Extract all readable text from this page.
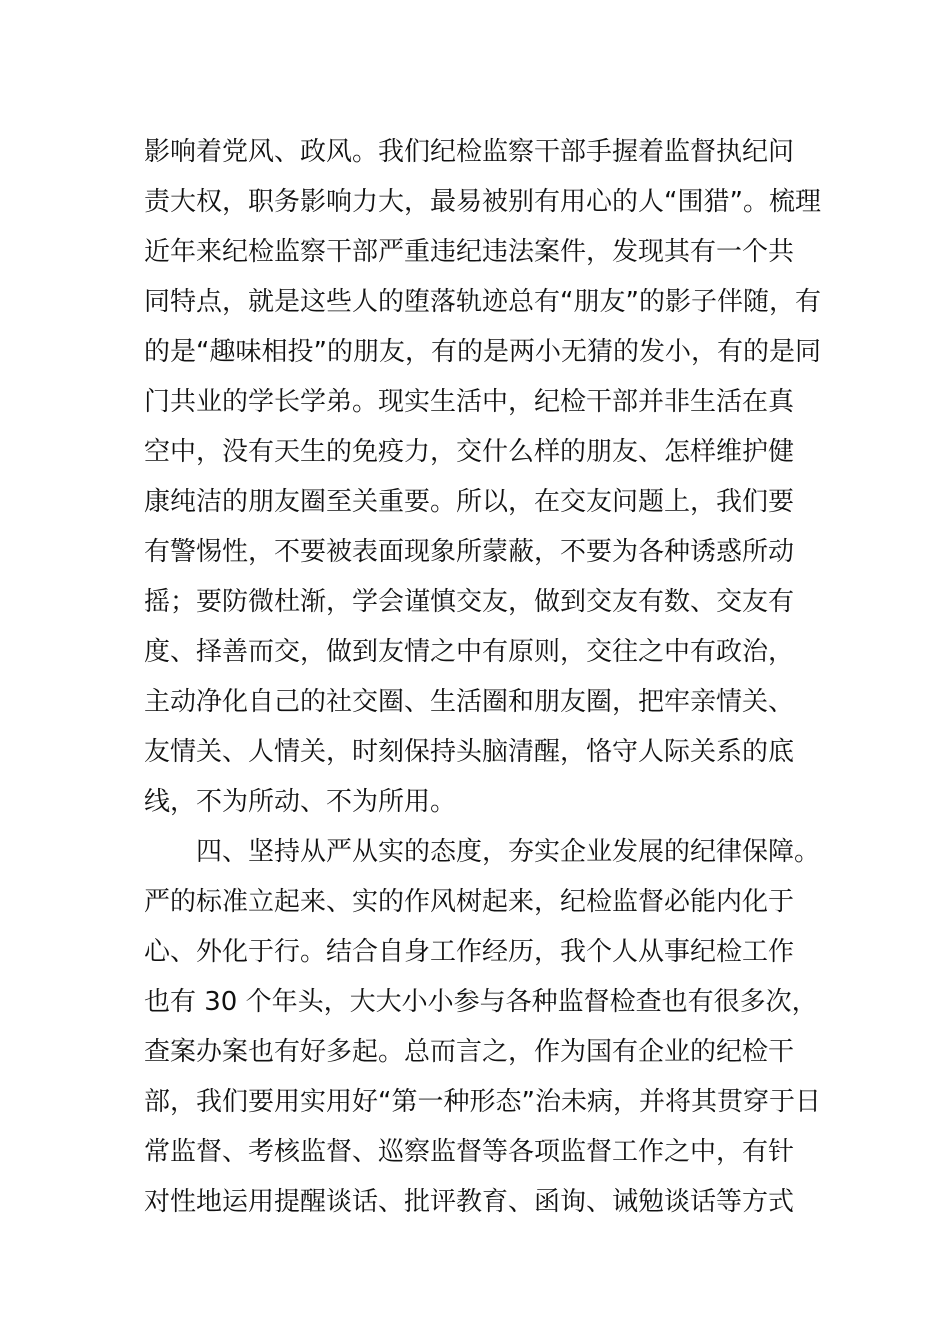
影响着党风、政风。我们纪检监察干部手握着监督执纪问
责大权，职务影响力大，最易被别有用心的人“围猎”。梳理
近年来纪检监察干部严重违纪违法案件，发现其有一个共
同特点，就是这些人的堕落轨迹总有“朋友”的影子伴随，有
的是“趣味相投”的朋友，有的是两小无猜的发小，有的是同
门共业的学长学弟。现实生活中，纪检干部并非生活在真
空中，没有天生的免疫力，交什么样的朋友、怎样维护健
康纯洁的朋友圈至关重要。所以，在交友问题上，我们要
有警惕性，不要被表面现象所蒙蔽，不要为各种诱惑所动
摇；要防微杜渐，学会谨慎交友，做到交友有数、交友有
度、择善而交，做到友情之中有原则，交往之中有政治，
主动净化自己的社交圈、生活圈和朋友圈，把牢亲情关、
友情关、人情关，时刻保持头脑清醒，恪守人际关系的底
线，不为所动、不为所用。
四、坚持从严从实的态度，夯实企业发展的纪律保障。
严的标准立起来、实的作风树起来，纪检监督必能内化于
心、外化于行。结合自身工作经历，我个人从事纪检工作
也有 30 个年头，大大小小参与各种监督检查也有很多次，
查案办案也有好多起。总而言之，作为国有企业的纪检干
部，我们要用实用好“第一种形态”治未病，并将其贯穿于日
常监督、考核监督、巡察监督等各项监督工作之中，有针
对性地运用提醒谈话、批评教育、函询、诫勉谈话等方式
